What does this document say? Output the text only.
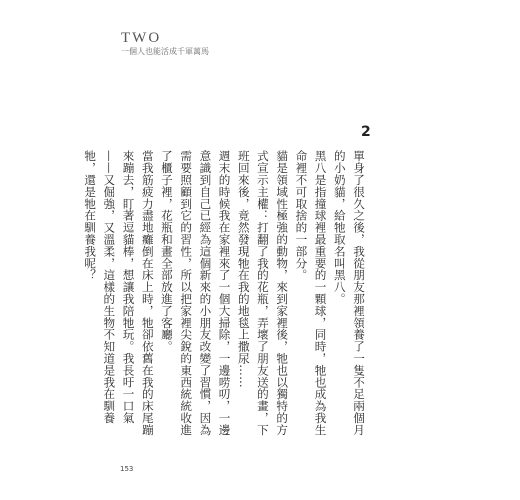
TWO
一個人也能活成千軍萬馬
2

單身了很久之後，我從朋友那裡領養了一隻不足兩個月的小奶貓，給牠取名叫黑八。

黑八是指撞球裡最重要的一顆球，同時，牠也成為我生命裡不可取捨的一部分。

貓是領域性極強的動物，來到家裡後，牠也以獨特的方式宣示主權：打翻了我的花瓶，弄壞了朋友送的畫，下班回來後，竟然發現牠在我的地毯上撒尿……

週末的時候我在家裡來了一個大掃除，一邊唠叨，一邊意識到自己已經為這個新來的小朋友改變了習慣，因為需要照顧到它的習性，所以把家裡尖銳的東西統統收進了櫃子裡，花瓶和畫全部放進了客廳。

當我筋疲力盡地癱倒在床上時，牠卻依舊在我的床尾蹦來蹦去，盯著逗貓棒，想讓我陪牠玩。我長吁一口氣——又倔強，又溫柔，這樣的生物不知道是我在馴養牠，還是牠在馴養我呢？

153
